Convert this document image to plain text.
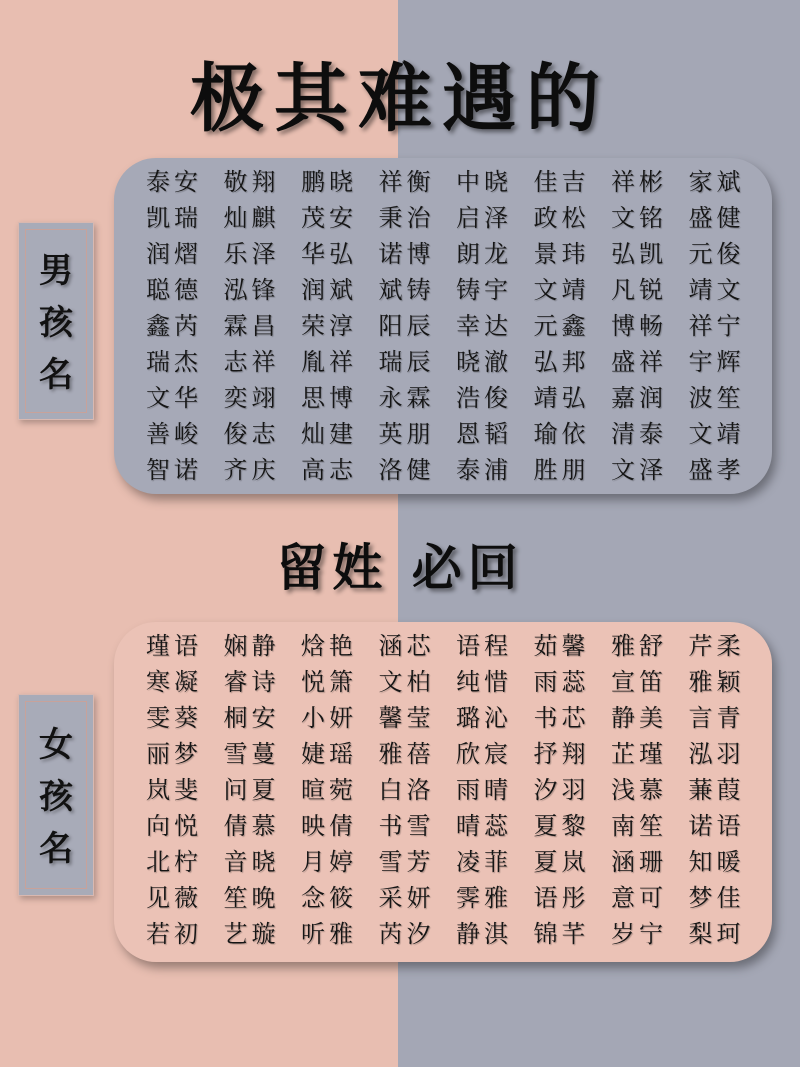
极其难遇的
泰安 敬翔 鹏晓 祥衡 中晓 佳吉 祥彬 家斌
凯瑞 灿麒 茂安 秉治 启泽 政松 文铭 盛健
润熠 乐泽 华弘 诺博 朗龙 景玮 弘凯 元俊
聪德 泓锋 润斌 斌铸 铸宇 文靖 凡锐 靖文
鑫芮 霖昌 荣淳 阳辰 幸达 元鑫 博畅 祥宁
瑞杰 志祥 胤祥 瑞辰 晓澈 弘邦 盛祥 宇辉
文华 奕翊 思博 永霖 浩俊 靖弘 嘉润 波笙
善峻 俊志 灿建 英朋 恩韬 瑜依 清泰 文靖
智诺 齐庆 高志 洛健 泰浦 胜朋 文泽 盛孝
男
孩
名
留姓 必回
瑾语 娴静 焓艳 涵芯 语程 茹馨 雅舒 芹柔
寒凝 睿诗 悦箫 文柏 纯惜 雨蕊 宣笛 雅颖
雯葵 桐安 小妍 馨莹 璐沁 书芯 静美 言青
丽梦 雪蔓 婕瑶 雅蓓 欣宸 抒翔 芷瑾 泓羽
岚斐 问夏 暄菀 白洛 雨晴 汐羽 浅慕 蒹葭
向悦 倩慕 映倩 书雪 晴蕊 夏黎 南笙 诺语
北柠 音晓 月婷 雪芳 凌菲 夏岚 涵珊 知暖
见薇 笙晚 念筱 采妍 霁雅 语彤 意可 梦佳
若初 艺璇 听雅 芮汐 静淇 锦芊 岁宁 梨珂
女
孩
名
